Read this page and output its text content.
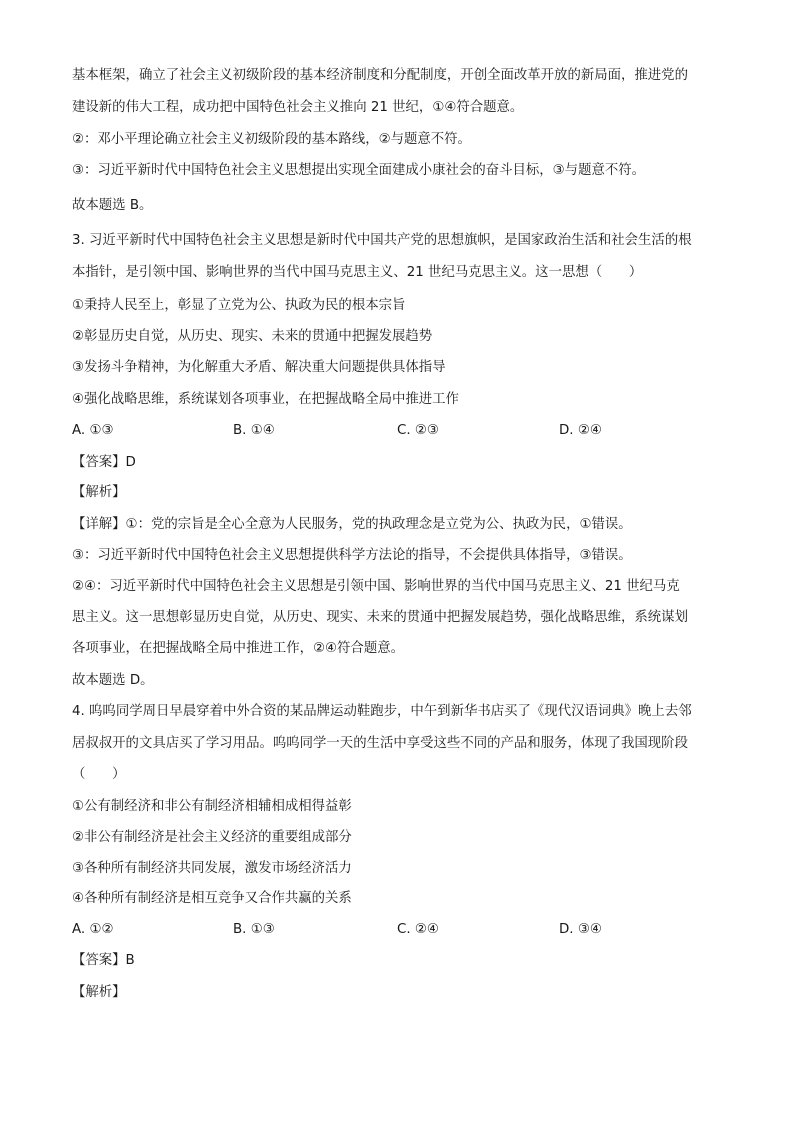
基本框架，确立了社会主义初级阶段的基本经济制度和分配制度，开创全面改革开放的新局面，推进党的
建设新的伟大工程，成功把中国特色社会主义推向 21 世纪，①④符合题意。
②：邓小平理论确立社会主义初级阶段的基本路线，②与题意不符。
③：习近平新时代中国特色社会主义思想提出实现全面建成小康社会的奋斗目标，③与题意不符。
故本题选 B。
3. 习近平新时代中国特色社会主义思想是新时代中国共产党的思想旗帜，是国家政治生活和社会生活的根
本指针，是引领中国、影响世界的当代中国马克思主义、21 世纪马克思主义。这一思想（　　）
①秉持人民至上，彰显了立党为公、执政为民的根本宗旨
②彰显历史自觉，从历史、现实、未来的贯通中把握发展趋势
③发扬斗争精神，为化解重大矛盾、解决重大问题提供具体指导
④强化战略思维，系统谋划各项事业，在把握战略全局中推进工作
A. ①③	B. ①④	C. ②③	D. ②④
【答案】D
【解析】
【详解】①：党的宗旨是全心全意为人民服务，党的执政理念是立党为公、执政为民，①错误。
③：习近平新时代中国特色社会主义思想提供科学方法论的指导，不会提供具体指导，③错误。
②④：习近平新时代中国特色社会主义思想是引领中国、影响世界的当代中国马克思主义、21 世纪马克
思主义。这一思想彰显历史自觉，从历史、现实、未来的贯通中把握发展趋势，强化战略思维，系统谋划
各项事业，在把握战略全局中推进工作，②④符合题意。
故本题选 D。
4. 呜呜同学周日早晨穿着中外合资的某品牌运动鞋跑步，中午到新华书店买了《现代汉语词典》晚上去邻
居叔叔开的文具店买了学习用品。呜呜同学一天的生活中享受这些不同的产品和服务，体现了我国现阶段
（　　）
①公有制经济和非公有制经济相辅相成相得益彰
②非公有制经济是社会主义经济的重要组成部分
③各种所有制经济共同发展，激发市场经济活力
④各种所有制经济是相互竞争又合作共赢的关系
A. ①②	B. ①③	C. ②④	D. ③④
【答案】B
【解析】
